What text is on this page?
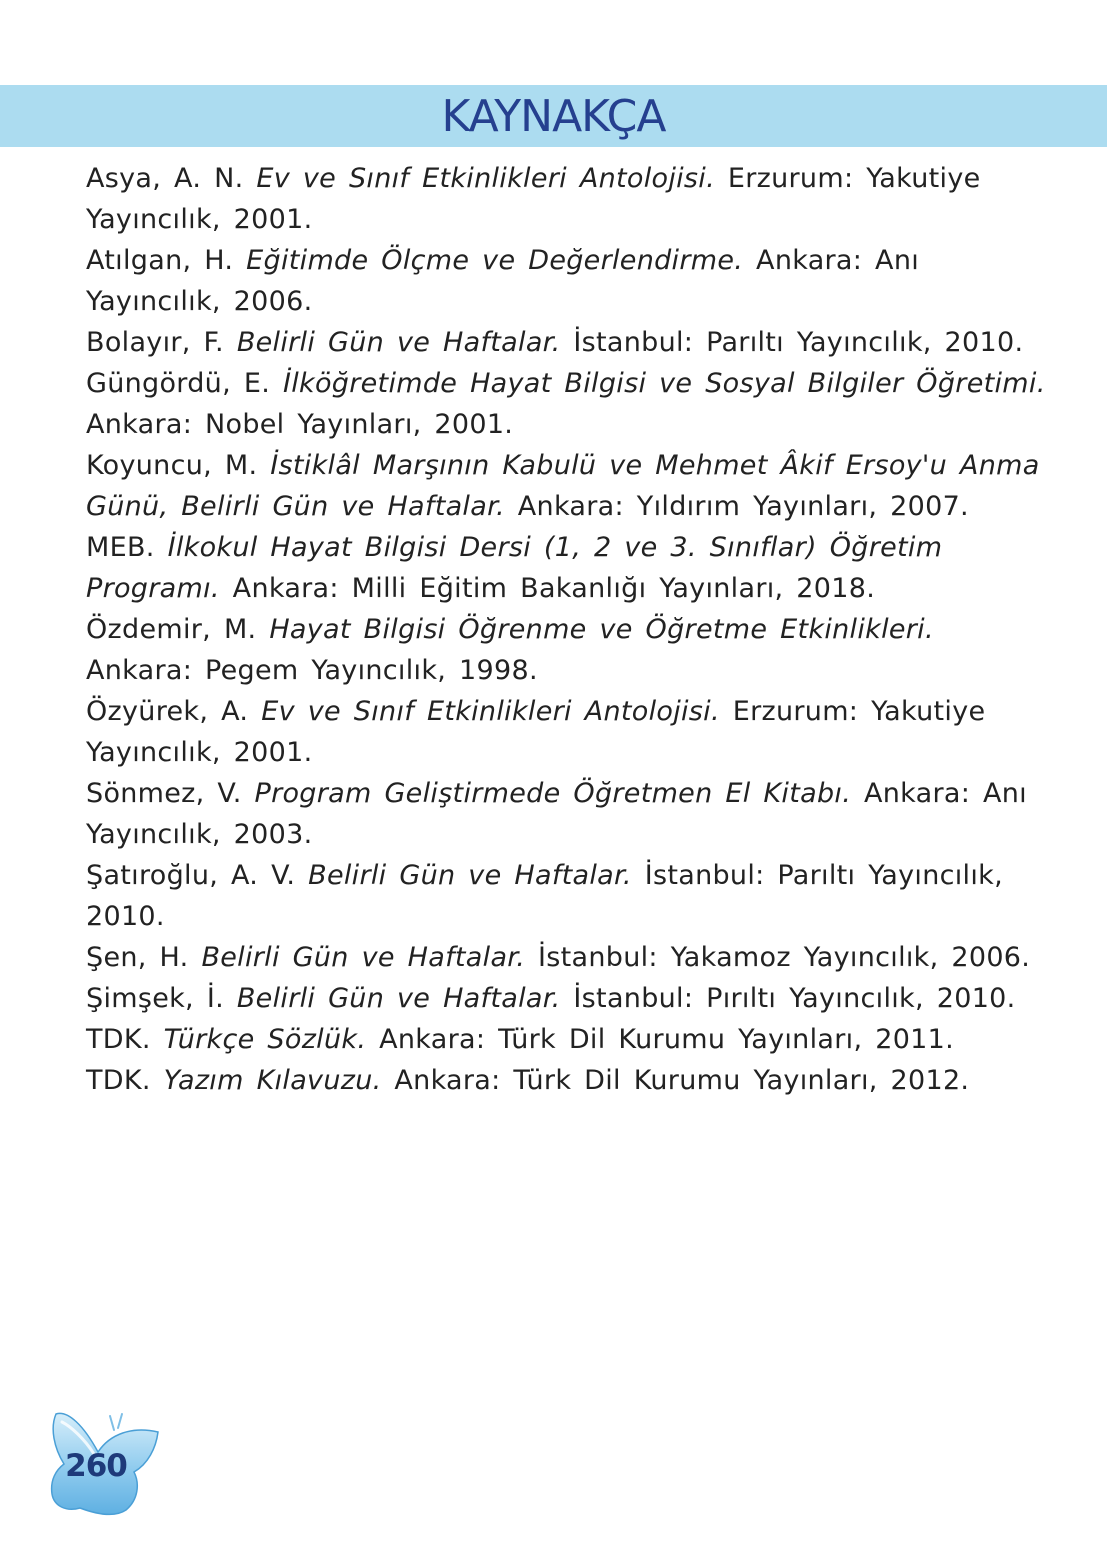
KAYNAKÇA
Asya, A. N. Ev ve Sınıf Etkinlikleri Antolojisi. Erzurum: Yakutiye Yayıncılık, 2001.
Atılgan, H. Eğitimde Ölçme ve Değerlendirme. Ankara: Anı Yayıncılık, 2006.
Bolayır, F. Belirli Gün ve Haftalar. İstanbul: Parıltı Yayıncılık, 2010.
Güngördü, E. İlköğretimde Hayat Bilgisi ve Sosyal Bilgiler Öğretimi. Ankara: Nobel Yayınları, 2001.
Koyuncu, M. İstiklâl Marşının Kabulü ve Mehmet Âkif Ersoy'u Anma Günü, Belirli Gün ve Haftalar. Ankara: Yıldırım Yayınları, 2007.
MEB. İlkokul Hayat Bilgisi Dersi (1, 2 ve 3. Sınıflar) Öğretim Programı. Ankara: Milli Eğitim Bakanlığı Yayınları, 2018.
Özdemir, M. Hayat Bilgisi Öğrenme ve Öğretme Etkinlikleri. Ankara: Pegem Yayıncılık, 1998.
Özyürek, A. Ev ve Sınıf Etkinlikleri Antolojisi. Erzurum: Yakutiye Yayıncılık, 2001.
Sönmez, V. Program Geliştirmede Öğretmen El Kitabı. Ankara: Anı Yayıncılık, 2003.
Şatıroğlu, A. V. Belirli Gün ve Haftalar. İstanbul: Parıltı Yayıncılık, 2010.
Şen, H. Belirli Gün ve Haftalar. İstanbul: Yakamoz Yayıncılık, 2006.
Şimşek, İ. Belirli Gün ve Haftalar. İstanbul: Pırıltı Yayıncılık, 2010.
TDK. Türkçe Sözlük. Ankara: Türk Dil Kurumu Yayınları, 2011.
TDK. Yazım Kılavuzu. Ankara: Türk Dil Kurumu Yayınları, 2012.
260
